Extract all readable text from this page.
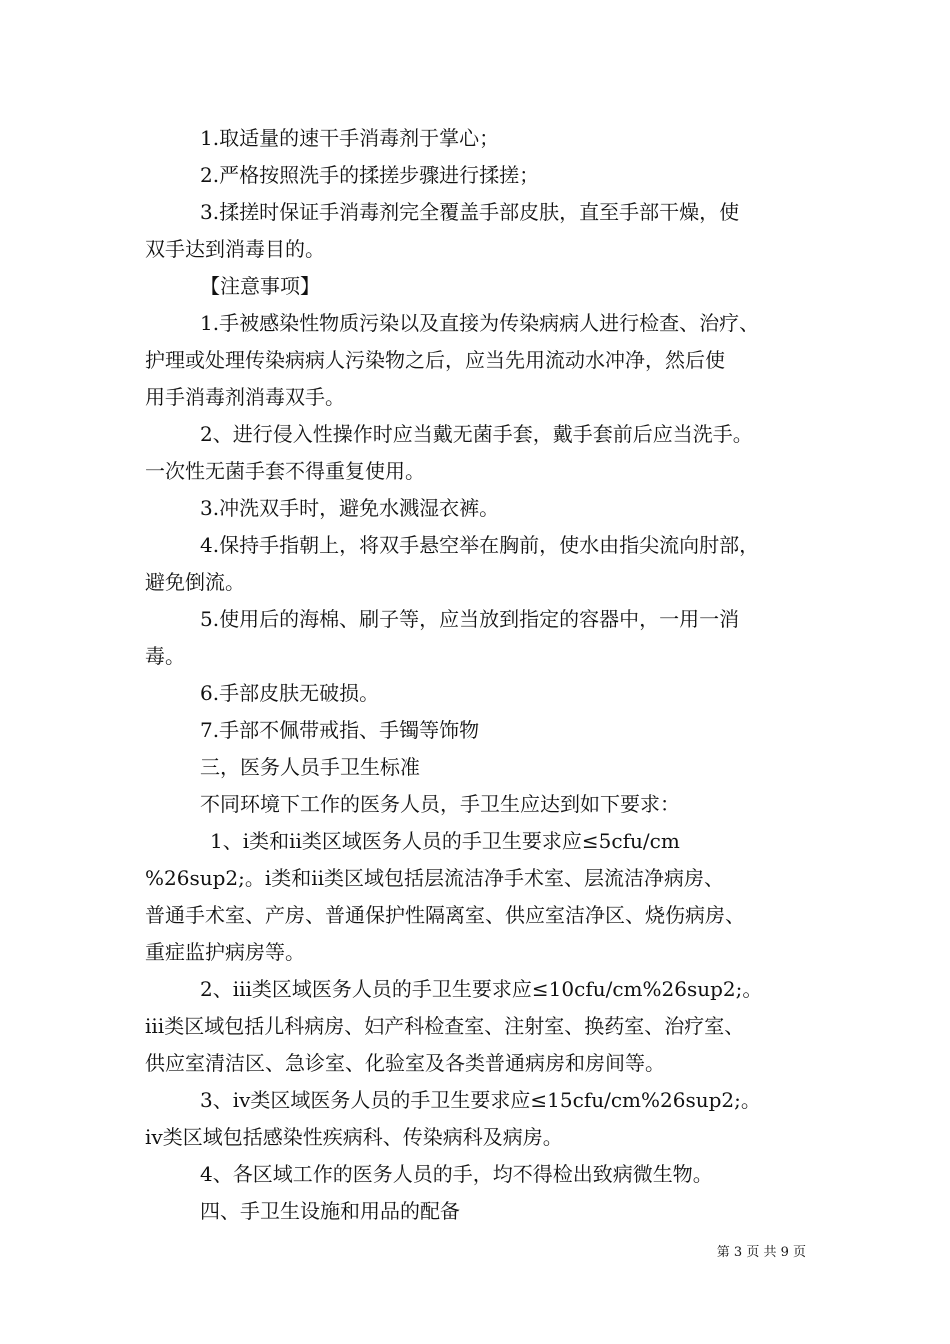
1.取适量的速干手消毒剂于掌心；
2.严格按照洗手的揉搓步骤进行揉搓；
3.揉搓时保证手消毒剂完全覆盖手部皮肤，直至手部干燥，使
双手达到消毒目的。
【注意事项】
1.手被感染性物质污染以及直接为传染病病人进行检查、治疗、
护理或处理传染病病人污染物之后，应当先用流动水冲净，然后使
用手消毒剂消毒双手。
2、进行侵入性操作时应当戴无菌手套，戴手套前后应当洗手。
一次性无菌手套不得重复使用。
3.冲洗双手时，避免水溅湿衣裤。
4.保持手指朝上，将双手悬空举在胸前，使水由指尖流向肘部，
避免倒流。
5.使用后的海棉、刷子等，应当放到指定的容器中，一用一消
毒。
6.手部皮肤无破损。
7.手部不佩带戒指、手镯等饰物
三，医务人员手卫生标准
不同环境下工作的医务人员，手卫生应达到如下要求：
1、ⅰ类和ⅱ类区域医务人员的手卫生要求应≤5cfu/cm
%26sup2;。ⅰ类和ⅱ类区域包括层流洁净手术室、层流洁净病房、
普通手术室、产房、普通保护性隔离室、供应室洁净区、烧伤病房、
重症监护病房等。
2、ⅲ类区域医务人员的手卫生要求应≤10cfu/cm%26sup2;。
ⅲ类区域包括儿科病房、妇产科检查室、注射室、换药室、治疗室、
供应室清洁区、急诊室、化验室及各类普通病房和房间等。
3、ⅳ类区域医务人员的手卫生要求应≤15cfu/cm%26sup2;。
ⅳ类区域包括感染性疾病科、传染病科及病房。
4、各区域工作的医务人员的手，均不得检出致病微生物。
四、手卫生设施和用品的配备
第 3 页 共 9 页
